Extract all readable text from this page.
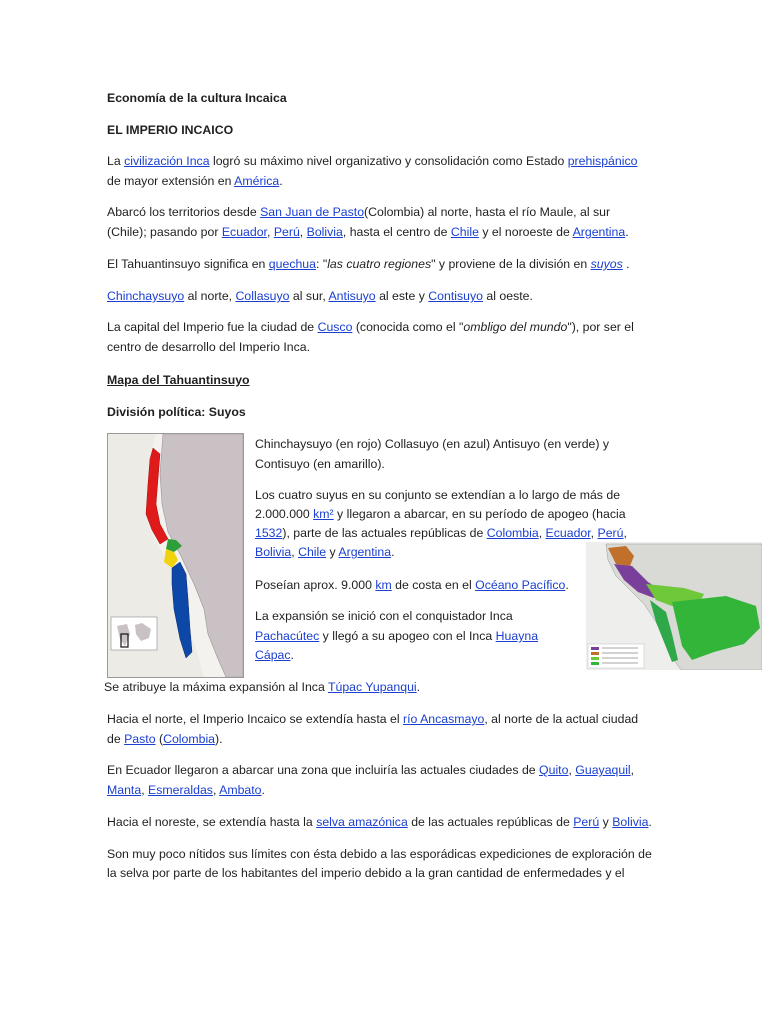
Economía de la cultura Incaica
EL IMPERIO INCAICO
La civilización Inca logró su máximo nivel organizativo y consolidación como Estado prehispánico
de mayor extensión en América.
Abarcó los territorios desde San Juan de Pasto(Colombia) al norte, hasta el río Maule, al sur
(Chile); pasando por Ecuador, Perú, Bolivia, hasta el centro de Chile y el noroeste de Argentina.
El Tahuantinsuyo significa en quechua: "las cuatro regiones" y proviene de la división en suyos .
Chinchaysuyo al norte, Collasuyo al sur, Antisuyo al este y Contisuyo al oeste.
La capital del Imperio fue la ciudad de Cusco (conocida como el "ombligo del mundo"), por ser el
centro de desarrollo del Imperio Inca.
Mapa del Tahuantinsuyo
División política: Suyos
Chinchaysuyo (en rojo) Collasuyo (en azul) Antisuyo (en verde) y
Contisuyo (en amarillo).
Los cuatro suyus en su conjunto se extendían a lo largo de más de
2.000.000 km² y llegaron a abarcar, en su período de apogeo (hacia
1532), parte de las actuales repúblicas de Colombia, Ecuador, Perú,
Bolivia, Chile y Argentina.
Poseían aprox. 9.000 km de costa en el Océano Pacífico.
La expansión se inició con el conquistador Inca
Pachacútec y llegó a su apogeo con el Inca Huayna
Cápac.
Se atribuye la máxima expansión al Inca Túpac Yupanqui.
Hacia el norte, el Imperio Incaico se extendía hasta el río Ancasmayo, al norte de la actual ciudad
de Pasto (Colombia).
En Ecuador llegaron a abarcar una zona que incluiría las actuales ciudades de Quito, Guayaquil,
Manta, Esmeraldas, Ambato.
Hacia el noreste, se extendía hasta la selva amazónica de las actuales repúblicas de Perú y Bolivia.
Son muy poco nítidos sus límites con ésta debido a las esporádicas expediciones de exploración de
la selva por parte de los habitantes del imperio debido a la gran cantidad de enfermedades y el
